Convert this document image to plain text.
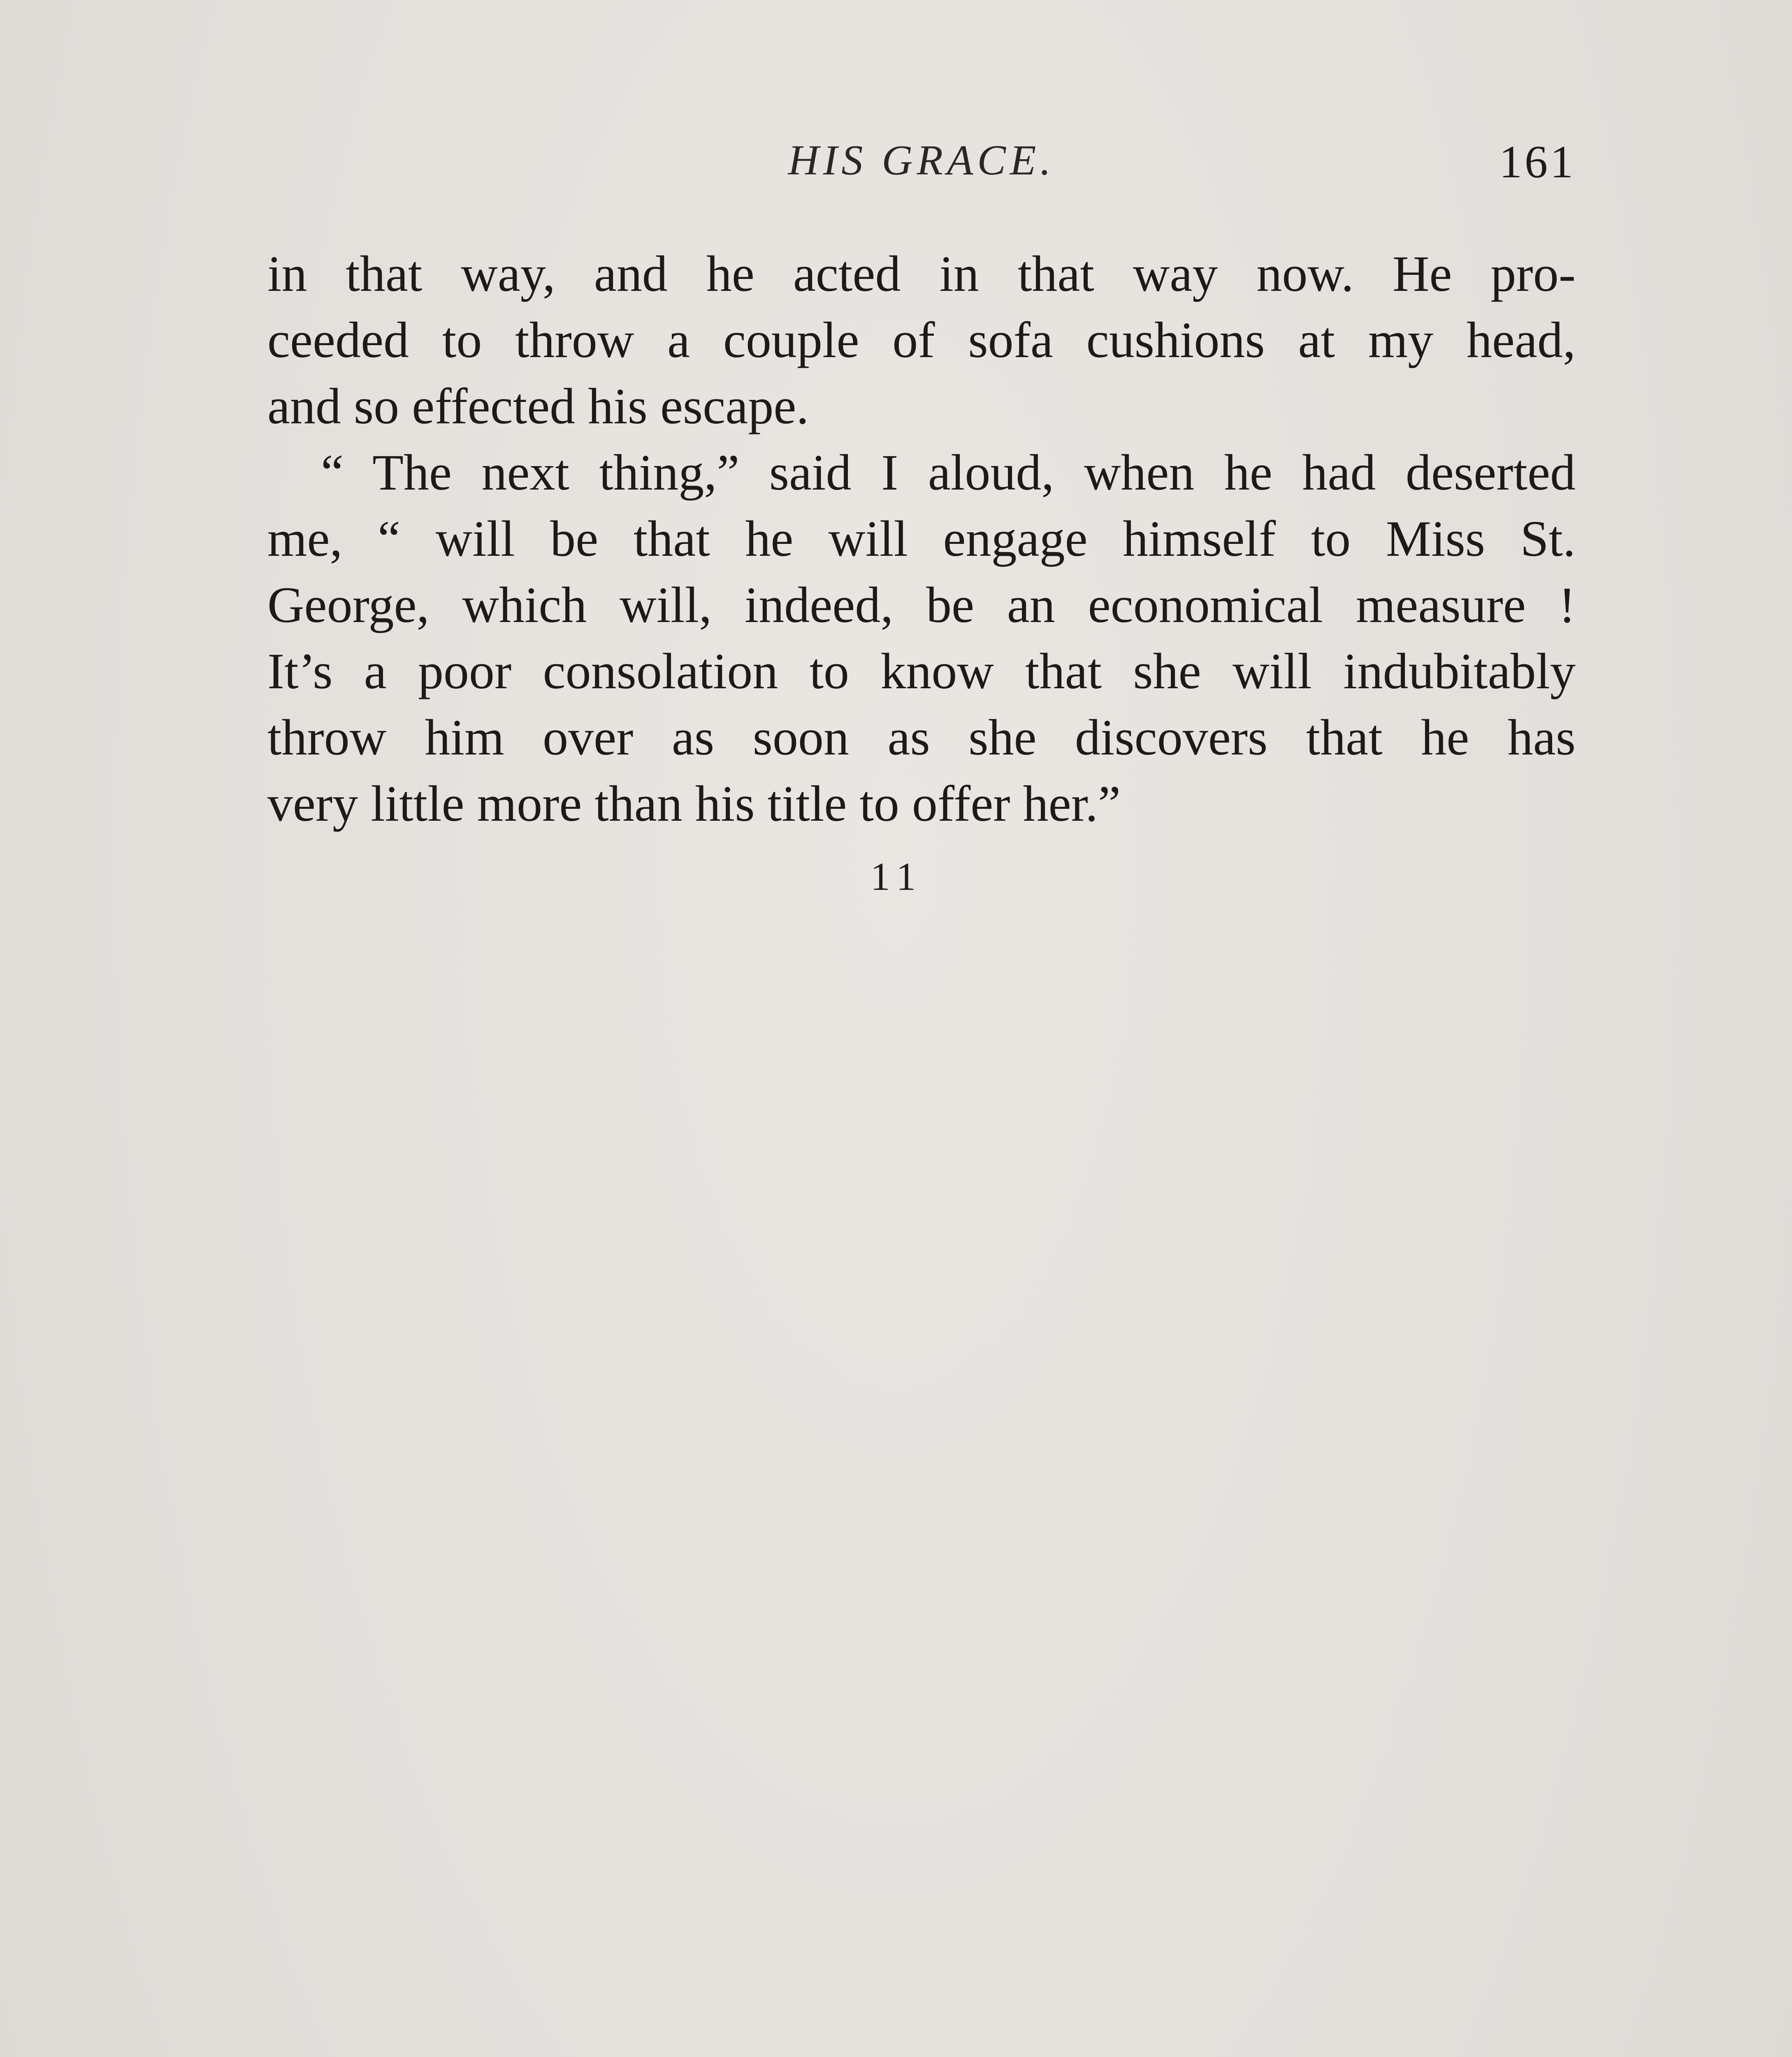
HIS GRACE.	161

in that way, and he acted in that way now. He pro-

ceeded to throw a couple of sofa cushions at my head,

and so effected his escape.

“ The next thing,” said I aloud, when he had deserted

me, “ will be that he will engage himself to Miss St.

George, which will, indeed, be an economical measure !

It’s a poor consolation to know that she will indubitably

throw him over as soon as she discovers that he has

very little more than his title to offer her.”

11
